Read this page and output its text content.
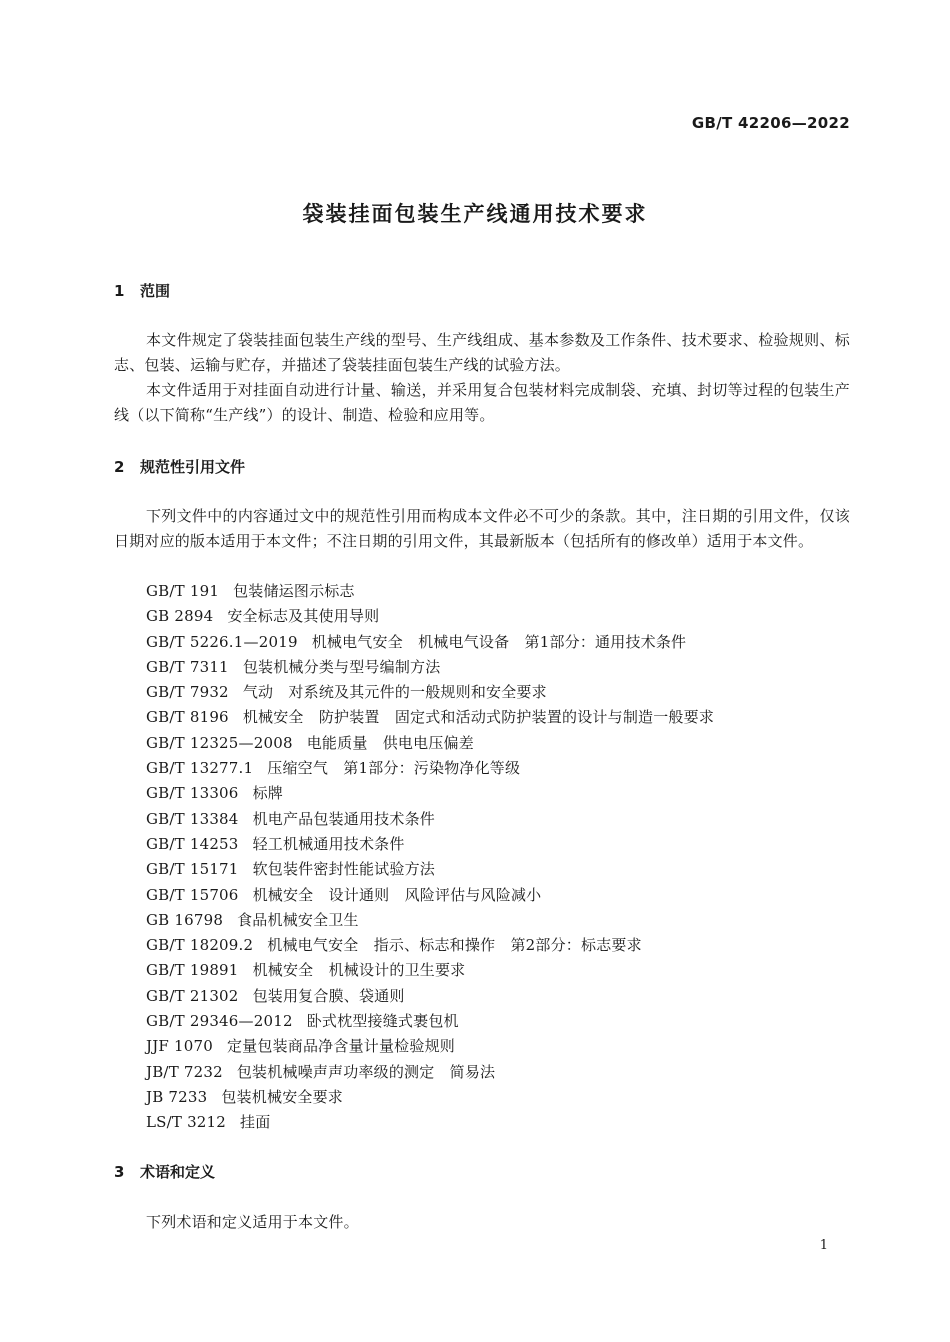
GB/T 42206—2022
袋装挂面包装生产线通用技术要求
1 范围
本文件规定了袋装挂面包装生产线的型号、生产线组成、基本参数及工作条件、技术要求、检验规则、标志、包装、运输与贮存，并描述了袋装挂面包装生产线的试验方法。
本文件适用于对挂面自动进行计量、输送，并采用复合包装材料完成制袋、充填、封切等过程的包装生产线（以下简称“生产线”）的设计、制造、检验和应用等。
2 规范性引用文件
下列文件中的内容通过文中的规范性引用而构成本文件必不可少的条款。其中，注日期的引用文件，仅该日期对应的版本适用于本文件；不注日期的引用文件，其最新版本（包括所有的修改单）适用于本文件。
GB/T 191 包装储运图示标志
GB 2894 安全标志及其使用导则
GB/T 5226.1—2019 机械电气安全　机械电气设备　第1部分：通用技术条件
GB/T 7311 包装机械分类与型号编制方法
GB/T 7932 气动　对系统及其元件的一般规则和安全要求
GB/T 8196 机械安全　防护装置　固定式和活动式防护装置的设计与制造一般要求
GB/T 12325—2008 电能质量　供电电压偏差
GB/T 13277.1 压缩空气　第1部分：污染物净化等级
GB/T 13306 标牌
GB/T 13384 机电产品包装通用技术条件
GB/T 14253 轻工机械通用技术条件
GB/T 15171 软包装件密封性能试验方法
GB/T 15706 机械安全　设计通则　风险评估与风险减小
GB 16798 食品机械安全卫生
GB/T 18209.2 机械电气安全　指示、标志和操作　第2部分：标志要求
GB/T 19891 机械安全　机械设计的卫生要求
GB/T 21302 包装用复合膜、袋通则
GB/T 29346—2012 卧式枕型接缝式裹包机
JJF 1070 定量包装商品净含量计量检验规则
JB/T 7232 包装机械噪声声功率级的测定　简易法
JB 7233 包装机械安全要求
LS/T 3212 挂面
3 术语和定义
下列术语和定义适用于本文件。
1
